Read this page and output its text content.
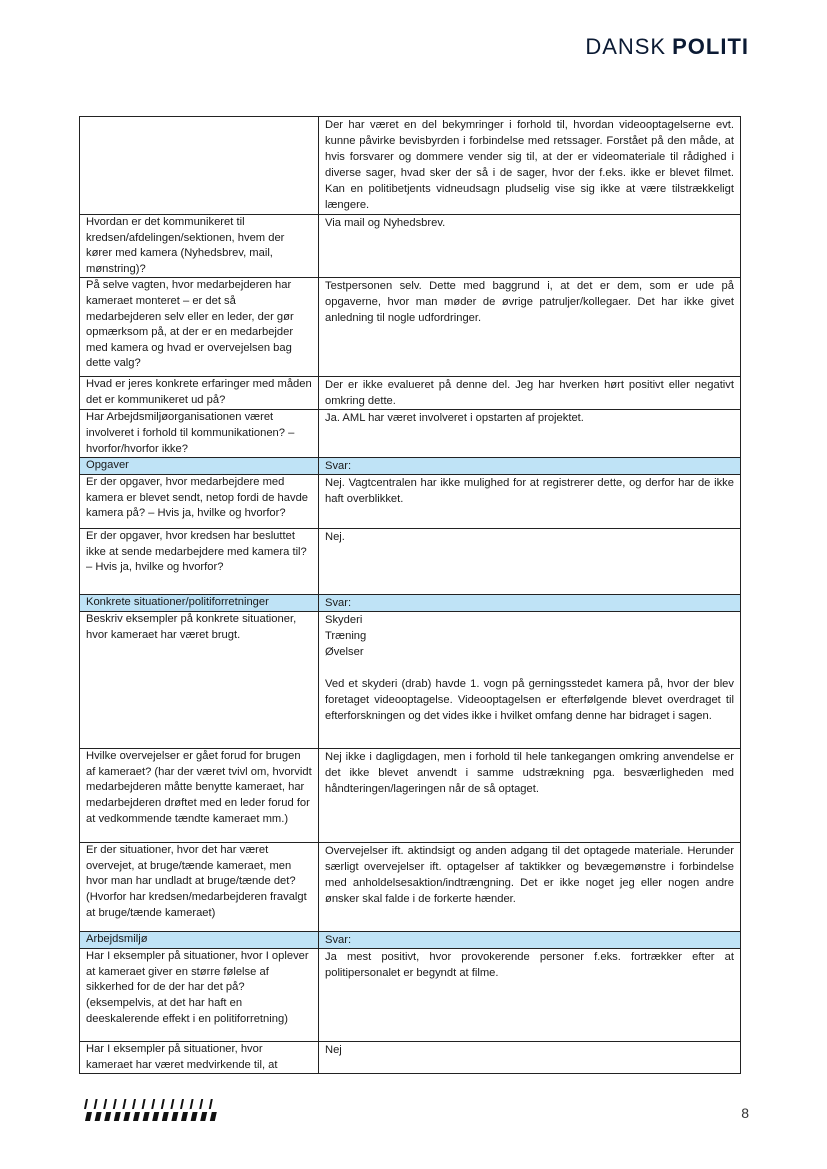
DANSK POLITI

	Der har været en del bekymringer i forhold til, hvordan videooptagelserne evt. kunne påvirke bevisbyrden i forbindelse med retssager. Forstået på den måde, at hvis forsvarer og dommere vender sig til, at der er videomateriale til rådighed i diverse sager, hvad sker der så i de sager, hvor der f.eks. ikke er blevet filmet. Kan en politibetjents vidneudsagn pludselig vise sig ikke at være tilstrækkeligt længere.

Hvordan er det kommunikeret til kredsen/afdelingen/sektionen, hvem der kører med kamera (Nyhedsbrev, mail, mønstring)?	Via mail og Nyhedsbrev.

På selve vagten, hvor medarbejderen har kameraet monteret – er det så medarbejderen selv eller en leder, der gør opmærksom på, at der er en medarbejder med kamera og hvad er overvejelsen bag dette valg?	Testpersonen selv. Dette med baggrund i, at det er dem, som er ude på opgaverne, hvor man møder de øvrige patruljer/kollegaer. Det har ikke givet anledning til nogle udfordringer.

Hvad er jeres konkrete erfaringer med måden det er kommunikeret ud på?	Der er ikke evalueret på denne del. Jeg har hverken hørt positivt eller negativt omkring dette.

Har Arbejdsmiljøorganisationen været involveret i forhold til kommunikationen? – hvorfor/hvorfor ikke?	Ja. AML har været involveret i opstarten af projektet.

Opgaver	Svar:

Er der opgaver, hvor medarbejdere med kamera er blevet sendt, netop fordi de havde kamera på? – Hvis ja, hvilke og hvorfor?	Nej. Vagtcentralen har ikke mulighed for at registrerer dette, og derfor har de ikke haft overblikket.

Er der opgaver, hvor kredsen har besluttet ikke at sende medarbejdere med kamera til? – Hvis ja, hvilke og hvorfor?	Nej.

Konkrete situationer/politiforretninger	Svar:

Beskriv eksempler på konkrete situationer, hvor kameraet har været brugt.	Skyderi
Træning
Øvelser
Ved et skyderi (drab) havde 1. vogn på gerningsstedet kamera på, hvor der blev foretaget videooptagelse. Videooptagelsen er efterfølgende blevet overdraget til efterforskningen og det vides ikke i hvilket omfang denne har bidraget i sagen.

Hvilke overvejelser er gået forud for brugen af kameraet? (har der været tvivl om, hvorvidt medarbejderen måtte benytte kameraet, har medarbejderen drøftet med en leder forud for at vedkommende tændte kameraet mm.)	Nej ikke i dagligdagen, men i forhold til hele tankegangen omkring anvendelse er det ikke blevet anvendt i samme udstrækning pga. besværligheden med håndteringen/lageringen når de så optaget.

Er der situationer, hvor det har været overvejet, at bruge/tænde kameraet, men hvor man har undladt at bruge/tænde det? (Hvorfor har kredsen/medarbejderen fravalgt at bruge/tænde kameraet)	Overvejelser ift. aktindsigt og anden adgang til det optagede materiale. Herunder særligt overvejelser ift. optagelser af taktikker og bevægemønstre i forbindelse med anholdelsesaktion/indtrængning. Det er ikke noget jeg eller nogen andre ønsker skal falde i de forkerte hænder.

Arbejdsmiljø	Svar:

Har I eksempler på situationer, hvor I oplever at kameraet giver en større følelse af sikkerhed for de der har det på? (eksempelvis, at det har haft en deeskalerende effekt i en politiforretning)	Ja mest positivt, hvor provokerende personer f.eks. fortrækker efter at politipersonalet er begyndt at filme.

Har I eksempler på situationer, hvor kameraet har været medvirkende til, at	Nej
8
